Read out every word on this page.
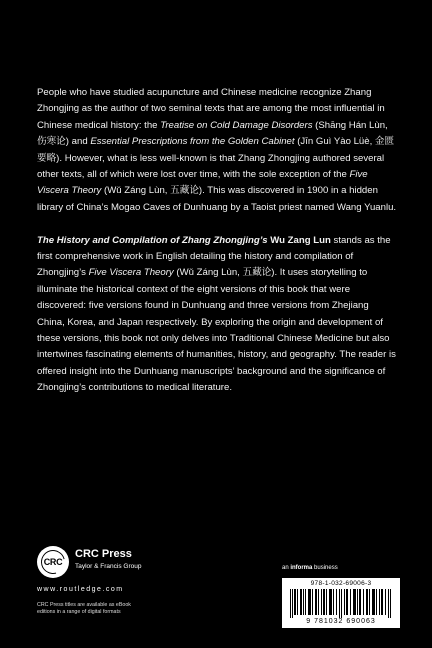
People who have studied acupuncture and Chinese medicine recognize Zhang Zhongjing as the author of two seminal texts that are among the most influential in Chinese medical history: the Treatise on Cold Damage Disorders (Shāng Hán Lùn, 伤寒论) and Essential Prescriptions from the Golden Cabinet (Jīn Guì Yào Lüè, 金匮要略). However, what is less well-known is that Zhang Zhongjing authored several other texts, all of which were lost over time, with the sole exception of the Five Viscera Theory (Wǔ Záng Lùn, 五藏论). This was discovered in 1900 in a hidden library of China’s Mogao Caves of Dunhuang by a Taoist priest named Wang Yuanlu.

The History and Compilation of Zhang Zhongjing’s Wu Zang Lun stands as the first comprehensive work in English detailing the history and compilation of Zhongjing’s Five Viscera Theory (Wǔ Záng Lùn, 五藏论). It uses storytelling to illuminate the historical context of the eight versions of this book that were discovered: five versions found in Dunhuang and three versions from Zhejiang China, Korea, and Japan respectively. By exploring the origin and development of these versions, this book not only delves into Traditional Chinese Medicine but also intertwines fascinating elements of humanities, history, and geography. The reader is offered insight into the Dunhuang manuscripts’ background and the significance of Zhongjing’s contributions to medical literature.

CRC
CRC Press
Taylor & Francis Group
www.routledge.com
CRC Press titles are available as eBook editions in a range of digital formats
an informa business
978-1-032-69006-3
9 781032 690063
